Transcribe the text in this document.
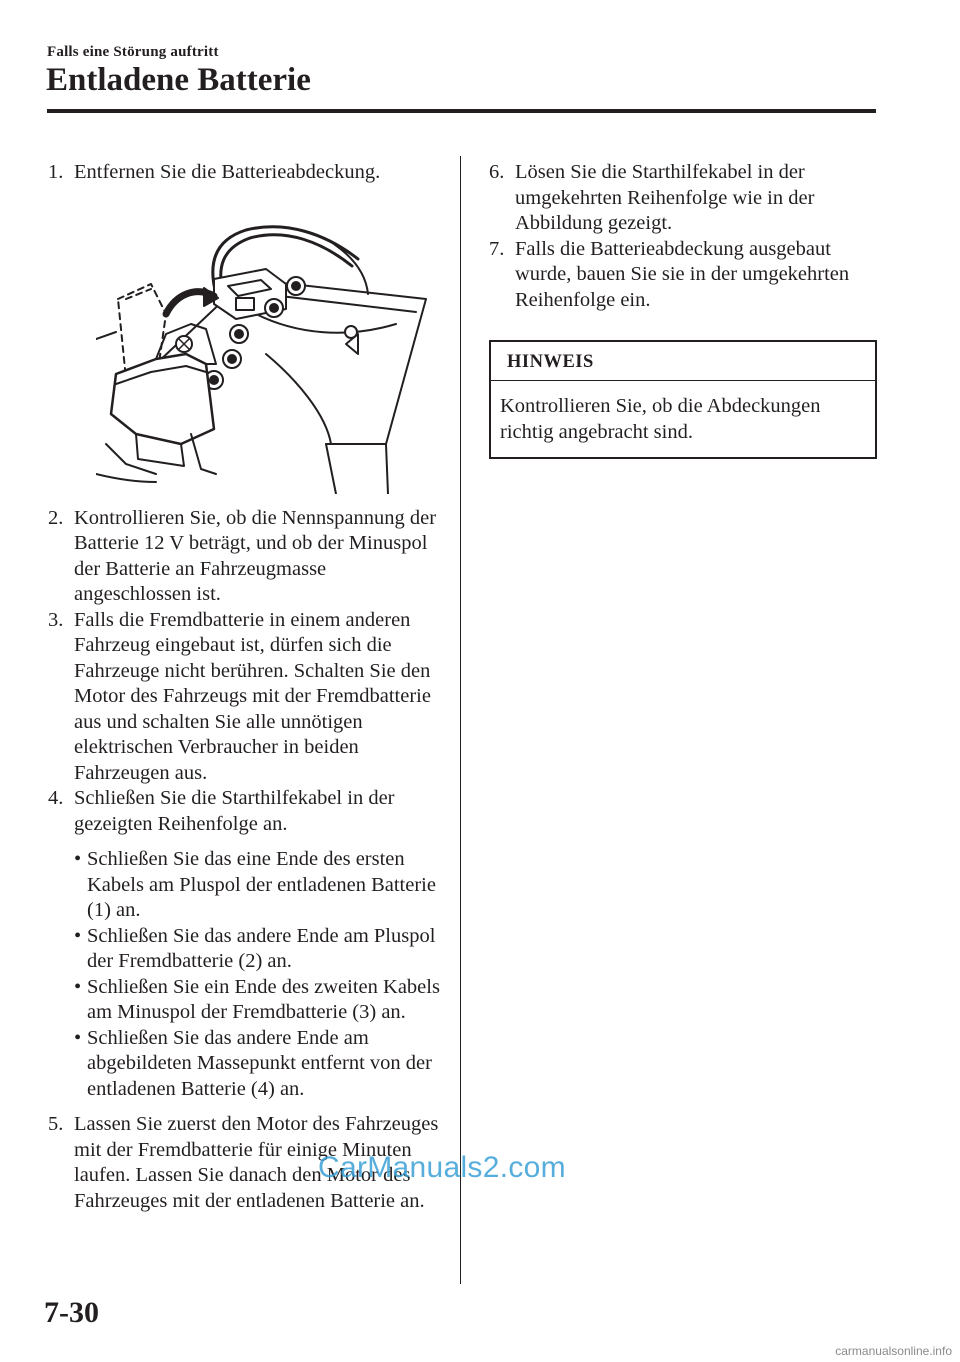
Falls eine Störung auftritt
Entladene Batterie

1. Entfernen Sie die Batterieabdeckung.

2. Kontrollieren Sie, ob die Nennspannung der Batterie 12 V beträgt, und ob der Minuspol der Batterie an Fahrzeugmasse angeschlossen ist.

3. Falls die Fremdbatterie in einem anderen Fahrzeug eingebaut ist, dürfen sich die Fahrzeuge nicht berühren. Schalten Sie den Motor des Fahrzeugs mit der Fremdbatterie aus und schalten Sie alle unnötigen elektrischen Verbraucher in beiden Fahrzeugen aus.

4. Schließen Sie die Starthilfekabel in der gezeigten Reihenfolge an.

• Schließen Sie das eine Ende des ersten Kabels am Pluspol der entladenen Batterie (1) an.
• Schließen Sie das andere Ende am Pluspol der Fremdbatterie (2) an.
• Schließen Sie ein Ende des zweiten Kabels am Minuspol der Fremdbatterie (3) an.
• Schließen Sie das andere Ende am abgebildeten Massepunkt entfernt von der entladenen Batterie (4) an.

5. Lassen Sie zuerst den Motor des Fahrzeuges mit der Fremdbatterie für einige Minuten laufen. Lassen Sie danach den Motor des Fahrzeuges mit der entladenen Batterie an.

6. Lösen Sie die Starthilfekabel in der umgekehrten Reihenfolge wie in der Abbildung gezeigt.

7. Falls die Batterieabdeckung ausgebaut wurde, bauen Sie sie in der umgekehrten Reihenfolge ein.

HINWEIS
Kontrollieren Sie, ob die Abdeckungen richtig angebracht sind.
CarManuals2.com
7-30
carmanualsonline.info
